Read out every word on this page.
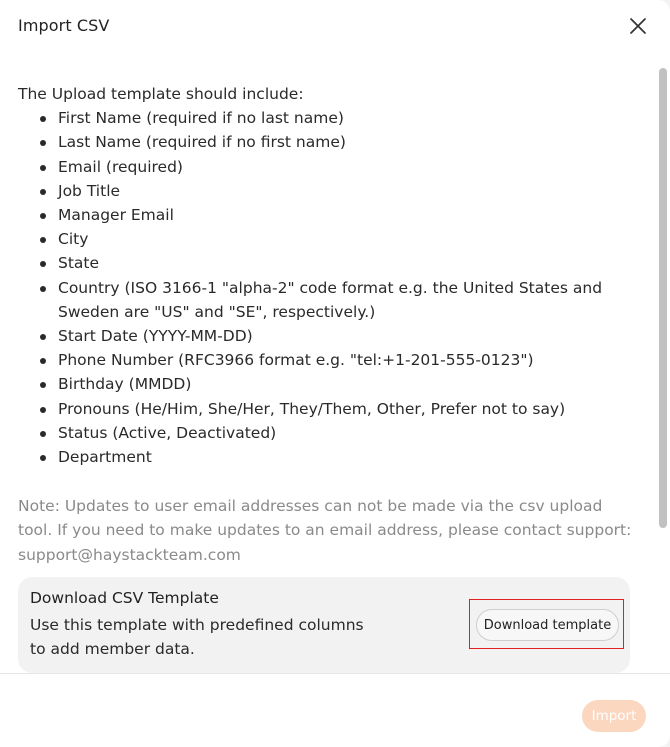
Import CSV
The Upload template should include:
First Name (required if no last name)
Last Name (required if no first name)
Email (required)
Job Title
Manager Email
City
State
Country (ISO 3166-1 "alpha-2" code format e.g. the United States and Sweden are "US" and "SE", respectively.)
Start Date (YYYY-MM-DD)
Phone Number (RFC3966 format e.g. "tel:+1-201-555-0123")
Birthday (MMDD)
Pronouns (He/Him, She/Her, They/Them, Other, Prefer not to say)
Status (Active, Deactivated)
Department
Note: Updates to user email addresses can not be made via the csv upload tool. If you need to make updates to an email address, please contact support: support@haystackteam.com
Download CSV Template
Use this template with predefined columns to add member data.
Download template
Import
